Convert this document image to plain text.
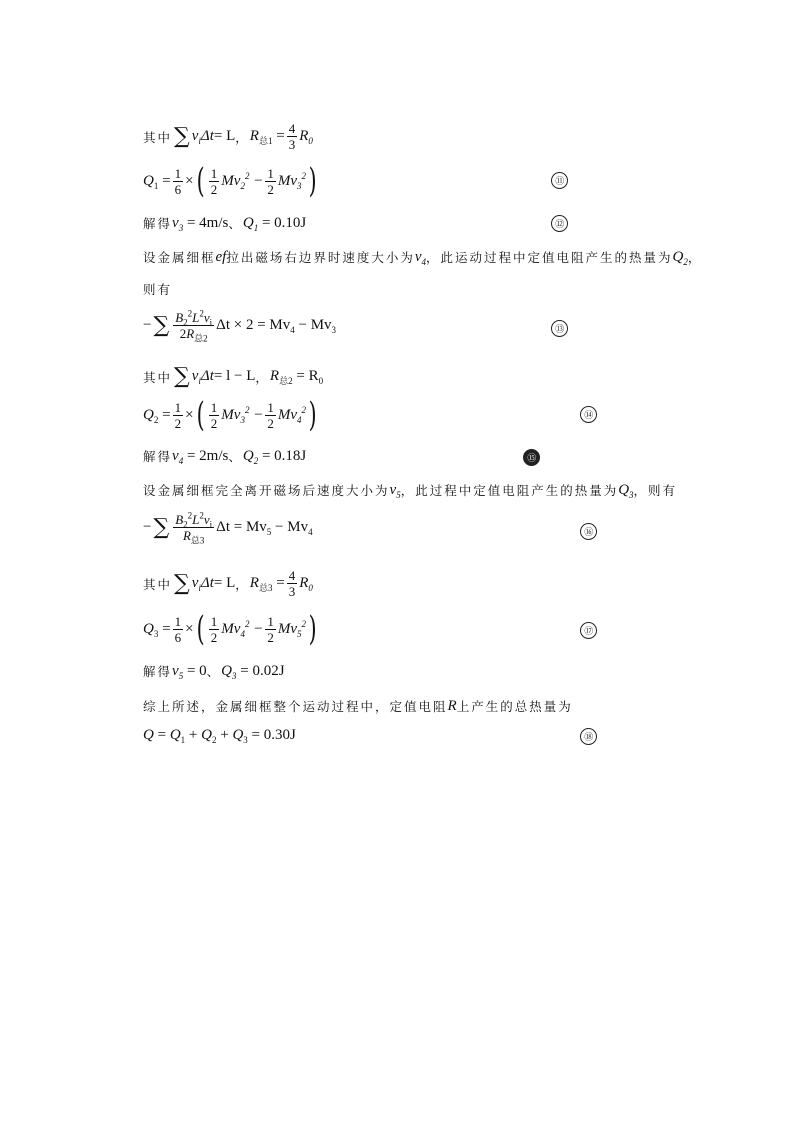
其中 ∑ $v_i\Delta t = L$ ， $R_{总1} = \frac{4}{3} R_0$
$Q_1 = \frac{1}{6}$ × ( $\frac{1}{2} Mv_2^2 - \frac{1}{2} Mv_3^2$ )	⑪
解得 $v_3 = 4m/s$ 、 $Q_1 = 0.10J$	⑫
设金属细框 ef 拉出磁场右边界时速度大小为 $v_4$ ，此运动过程中定值电阻产生的热量为 $Q_2$ ，
则有
− ∑ $\frac{B_2^2L^2v_i}{2R_{总2}}$ $\Delta t \times 2 = Mv_4 - Mv_3$	⑬
其中 ∑ $v_i\Delta t = l - L$ ， $R_{总2} = R_0$
$Q_2 = \frac{1}{2}$ × ( $\frac{1}{2} Mv_3^2 - \frac{1}{2} Mv_4^2$ )	⑭
解得 $v_4 = 2m/s$ 、 $Q_2 = 0.18J$	⑮
设金属细框完全离开磁场后速度大小为 $v_5$ ，此过程中定值电阻产生的热量为 $Q_3$ ，则有
− ∑ $\frac{B_2^2L^2v_i}{R_{总3}}$ $\Delta t = Mv_5 - Mv_4$	⑯
其中 ∑ $v_i\Delta t = L$ ， $R_{总3} = \frac{4}{3} R_0$
$Q_3 = \frac{1}{6}$ × ( $\frac{1}{2} Mv_4^2 - \frac{1}{2} Mv_5^2$ )	⑰
解得 $v_5 = 0$ 、 $Q_3 = 0.02J$
综上所述，金属细框整个运动过程中，定值电阻 R 上产生的总热量为
$Q = Q_1 + Q_2 + Q_3 = 0.30J$	⑱
